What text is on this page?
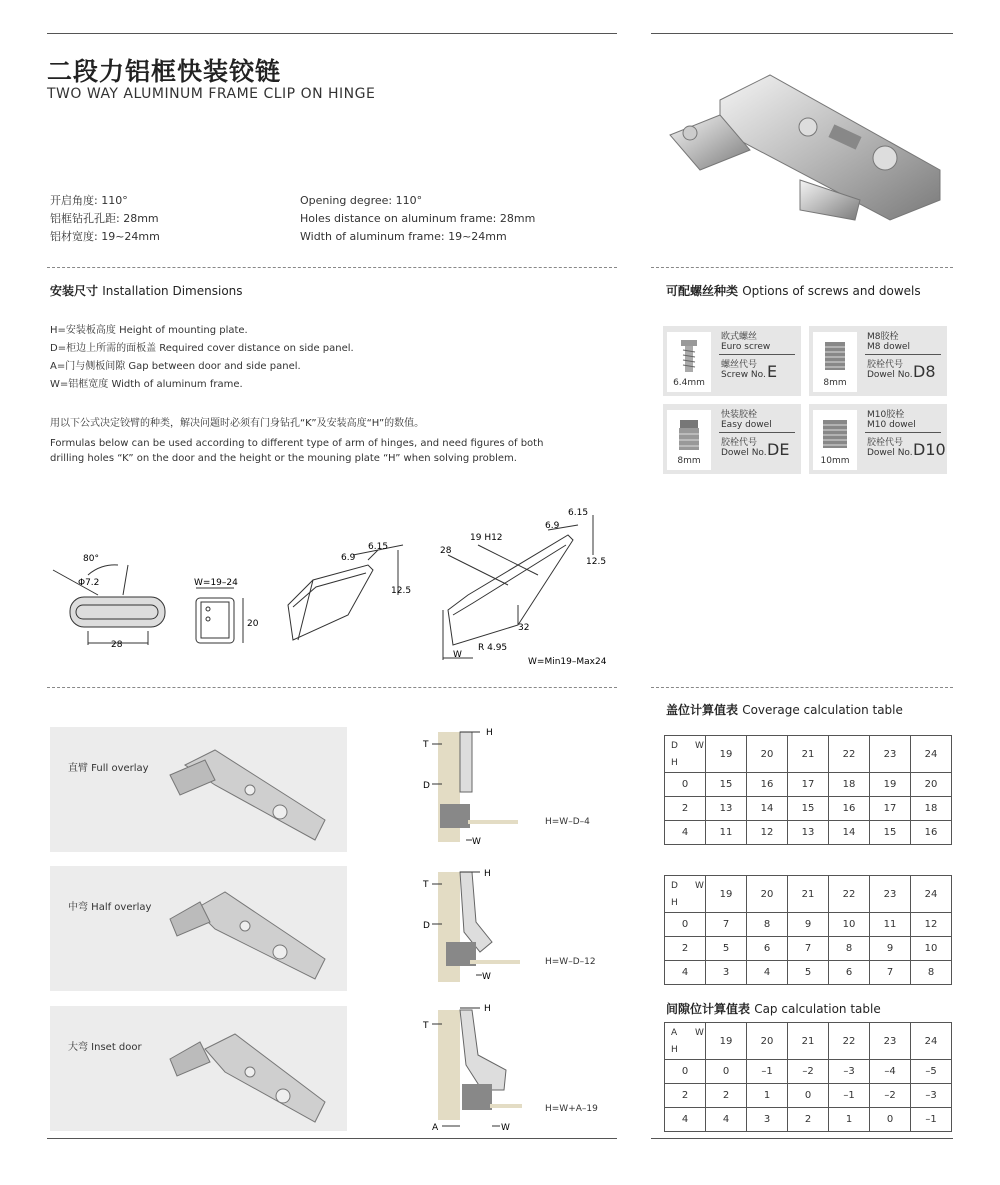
二段力铝框快装铰链
TWO WAY ALUMINUM FRAME CLIP ON HINGE
开启角度: 110°
铝框钻孔孔距: 28mm
铝材宽度: 19~24mm
Opening degree: 110°
Holes distance on aluminum frame: 28mm
Width of aluminum frame: 19~24mm
安装尺寸 Installation Dimensions
H=安装板高度 Height of mounting plate.
D=柜边上所需的面板盖 Required cover distance on side panel.
A=门与侧板间隙 Gap between door and side panel.
W=铝框宽度 Width of aluminum frame.
用以下公式决定铰臂的种类，解决问题时必须有门身钻孔“K”及安装高度“H”的数值。
Formulas below can be used according to different type of arm of hinges, and need figures of both
drilling holes “K” on the door and the height or the mouning plate “H” when solving problem.
可配螺丝种类 Options of screws and dowels
6.4mm
欧式螺丝
Euro screw
螺丝代号
Screw No. E
8mm
M8胶栓
M8 dowel
胶栓代号
Dowel No. D8
8mm
快装胶栓
Easy dowel
胶栓代号
Dowel No. DE
10mm
M10胶栓
M10 dowel
胶栓代号
Dowel No. D10
80°
Φ7.2
28
W=19–24
20
6.15
6.9
12.5
6.15
6.9
19 H12
28
12.5
32
R 4.95
W
W=Min19–Max24
直臂 Full overlay
中弯 Half overlay
大弯 Inset door
T
D
H
W
H=W–D–4
T
D
H
W
H=W–D–12
T
H
A	W
H=W+A–19
盖位计算值表 Coverage calculation table
D W
H	19	20	21	22	23	24
0	15	16	17	18	19	20
2	13	14	15	16	17	18
4	11	12	13	14	15	16
D W
H	19	20	21	22	23	24
0	7	8	9	10	11	12
2	5	6	7	8	9	10
4	3	4	5	6	7	8
间隙位计算值表 Cap calculation table
A W
H	19	20	21	22	23	24
0	0	–1	–2	–3	–4	–5
2	2	1	0	–1	–2	–3
4	4	3	2	1	0	–1
